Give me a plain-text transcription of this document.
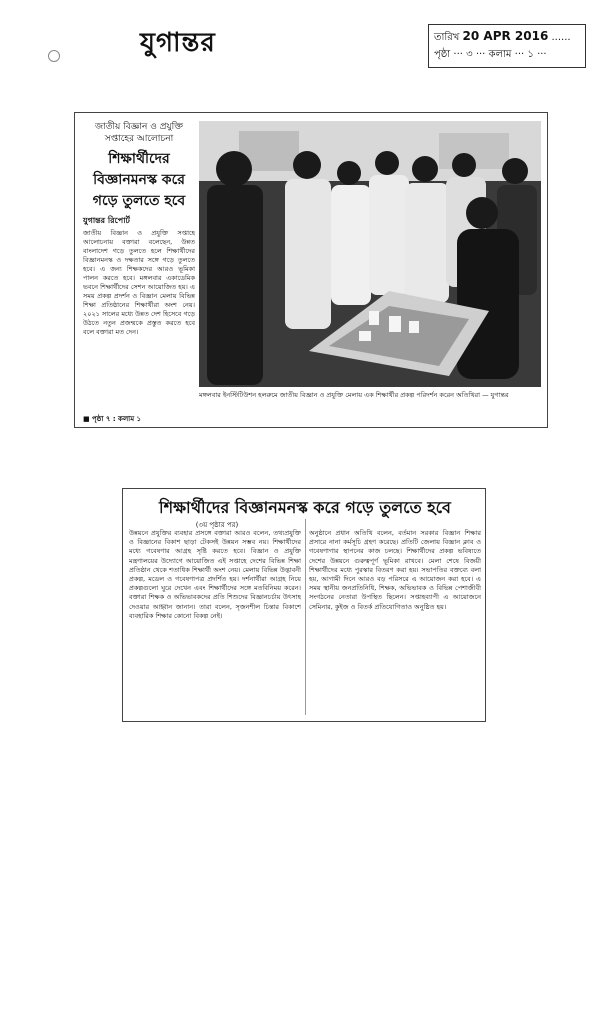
যুগান্তর	তারিখ 20 APR 2016 ......
পৃষ্ঠা ··· ৩ ··· কলাম ··· ১ ···
জাতীয় বিজ্ঞান ও প্রযুক্তি সপ্তাহের আলোচনা
শিক্ষার্থীদের বিজ্ঞানমনস্ক করে গড়ে তুলতে হবে
যুগান্তর রিপোর্ট
জাতীয় বিজ্ঞান ও প্রযুক্তি সপ্তাহে আলোচনায় বক্তারা বলেছেন, উন্নত বাংলাদেশ গড়ে তুলতে হলে শিক্ষার্থীদের বিজ্ঞানমনস্ক ও দক্ষতার সঙ্গে গড়ে তুলতে হবে। এ জন্য শিক্ষকদের আরও ভূমিকা পালন করতে হবে। মঙ্গলবার একাডেমিক ভবনে শিক্ষার্থীদের সেশন আয়োজিত হয়। এ সময় প্রকল্প প্রদর্শন ও বিজ্ঞান মেলায় বিভিন্ন শিক্ষা প্রতিষ্ঠানের শিক্ষার্থীরা অংশ নেয়। ২০২১ সালের মধ্যে উন্নত দেশ হিসেবে গড়ে উঠতে নতুন প্রজন্মকে প্রস্তুত করতে হবে বলে বক্তারা মত দেন।
■ পৃষ্ঠা ৭ : কলাম ১
মঙ্গলবার ইনস্টিটিউশন হলরুমে জাতীয় বিজ্ঞান ও প্রযুক্তি মেলায় এক শিক্ষার্থীর প্রকল্প পরিদর্শন করেন অতিথিরা — যুগান্তর
শিক্ষার্থীদের বিজ্ঞানমনস্ক করে গড়ে তুলতে হবে
(৩য় পৃষ্ঠার পর)
উন্নয়নে প্রযুক্তির ব্যবহার প্রসঙ্গে বক্তারা আরও বলেন, তথ্যপ্রযুক্তি ও বিজ্ঞানের বিকাশ ছাড়া টেকসই উন্নয়ন সম্ভব নয়। শিক্ষার্থীদের মধ্যে গবেষণার আগ্রহ সৃষ্টি করতে হবে। বিজ্ঞান ও প্রযুক্তি মন্ত্রণালয়ের উদ্যোগে আয়োজিত এই সপ্তাহে দেশের বিভিন্ন শিক্ষা প্রতিষ্ঠান থেকে শতাধিক শিক্ষার্থী অংশ নেয়। মেলায় বিভিন্ন উদ্ভাবনী প্রকল্প, মডেল ও গবেষণাপত্র প্রদর্শিত হয়। দর্শনার্থীরা আগ্রহ নিয়ে প্রকল্পগুলো ঘুরে দেখেন এবং শিক্ষার্থীদের সঙ্গে মতবিনিময় করেন। বক্তারা শিক্ষক ও অভিভাবকদের প্রতি শিশুদের বিজ্ঞানচর্চায় উৎসাহ দেওয়ার আহ্বান জানান। তারা বলেন, সৃজনশীল চিন্তার বিকাশে ব্যবহারিক শিক্ষার কোনো বিকল্প নেই।
অনুষ্ঠানে প্রধান অতিথি বলেন, বর্তমান সরকার বিজ্ঞান শিক্ষার প্রসারে নানা কর্মসূচি গ্রহণ করেছে। প্রতিটি জেলায় বিজ্ঞান ক্লাব ও গবেষণাগার স্থাপনের কাজ চলছে। শিক্ষার্থীদের প্রকল্প ভবিষ্যতে দেশের উন্নয়নে গুরুত্বপূর্ণ ভূমিকা রাখবে। মেলা শেষে বিজয়ী শিক্ষার্থীদের মধ্যে পুরস্কার বিতরণ করা হয়। সভাপতির বক্তব্যে বলা হয়, আগামী দিনে আরও বড় পরিসরে এ আয়োজন করা হবে। এ সময় স্থানীয় জনপ্রতিনিধি, শিক্ষক, অভিভাবক ও বিভিন্ন পেশাজীবী সংগঠনের নেতারা উপস্থিত ছিলেন। সপ্তাহব্যাপী এ আয়োজনে সেমিনার, কুইজ ও বিতর্ক প্রতিযোগিতাও অনুষ্ঠিত হয়।
